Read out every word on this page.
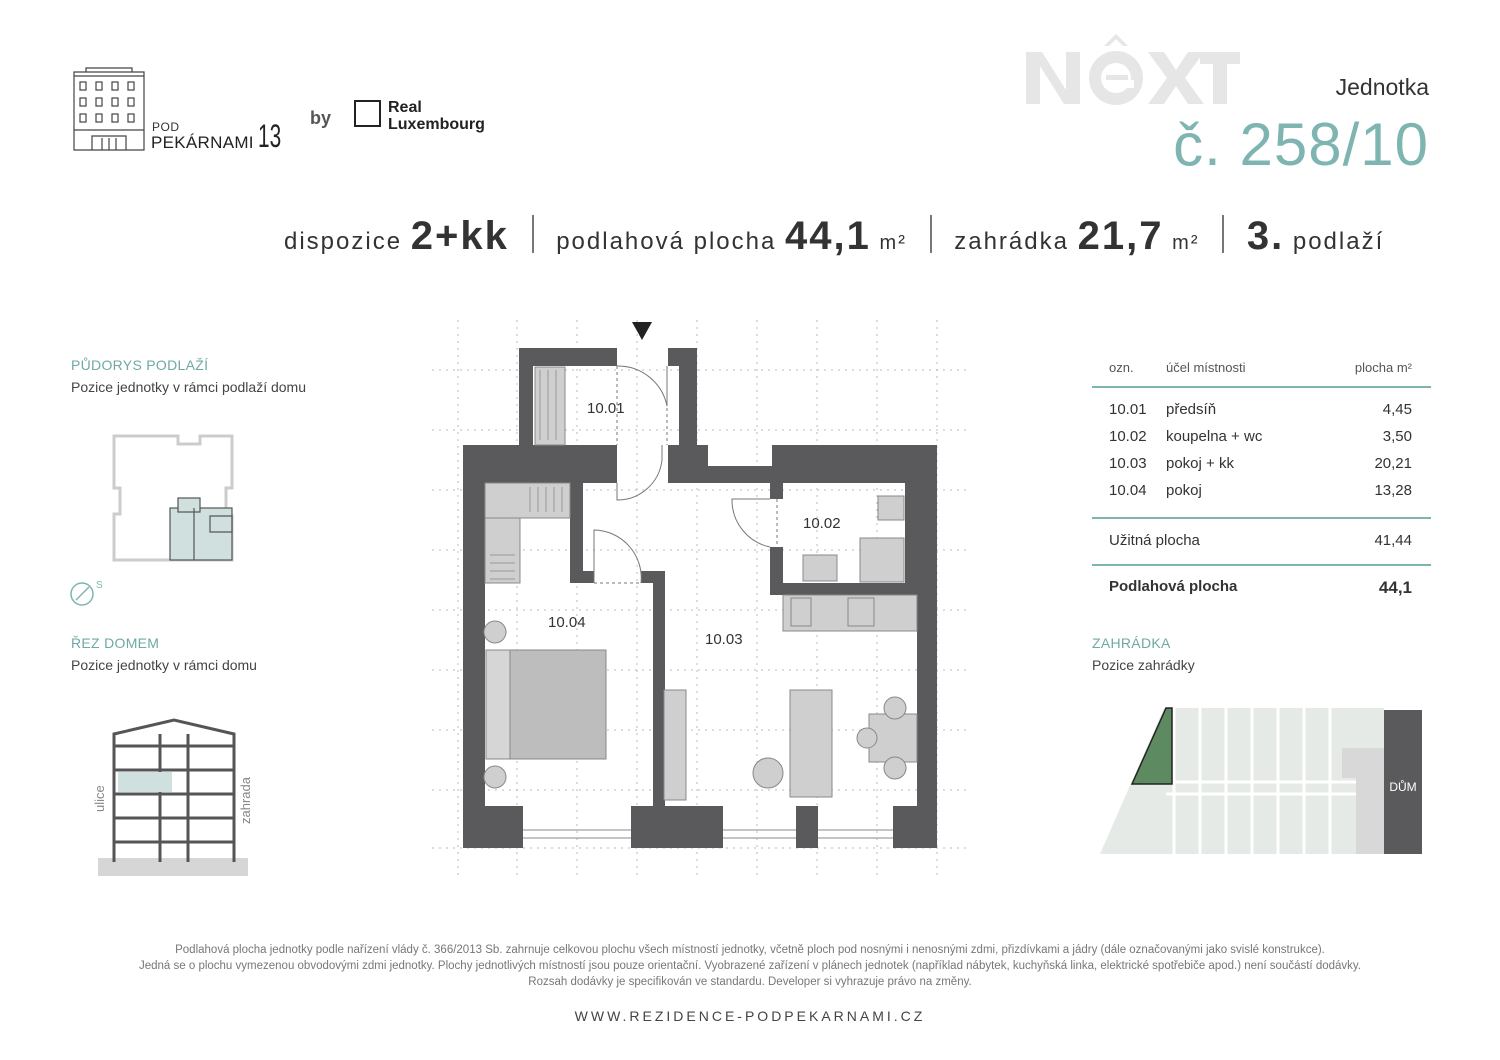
POD
PEKÁRNAMI 13 by
Real
Luxembourg
NEXT
Jednotka
č. 258/10
dispozice 2+kk podlahová plocha 44,1 m² zahrádka 21,7 m² 3. podlaží
PŮDORYS PODLAŽÍ
Pozice jednotky v rámci podlaží domu
S
ŘEZ DOMEM
Pozice jednotky v rámci domu
ulice	zahrada
10.01
10.02
10.03
10.04
ozn. účel místnosti	plocha m²
10.01 předsíň	4,45
10.02 koupelna + wc	3,50
10.03 pokoj + kk	20,21
10.04 pokoj	13,28
Užitná plocha	41,44
Podlahová plocha	44,1
ZAHRÁDKA
Pozice zahrádky
DŮM
Podlahová plocha jednotky podle nařízení vlády č. 366/2013 Sb. zahrnuje celkovou plochu všech místností jednotky, včetně ploch pod nosnými i nenosnými zdmi, přizdívkami a jádry (dále označovanými jako svislé konstrukce).
Jedná se o plochu vymezenou obvodovými zdmi jednotky. Plochy jednotlivých místností jsou pouze orientační. Vyobrazené zařízení v plánech jednotek (například nábytek, kuchyňská linka, elektrické spotřebiče apod.) není součástí dodávky.
Rozsah dodávky je specifikován ve standardu. Developer si vyhrazuje právo na změny.
WWW.REZIDENCE-PODPEKARNAMI.CZ
